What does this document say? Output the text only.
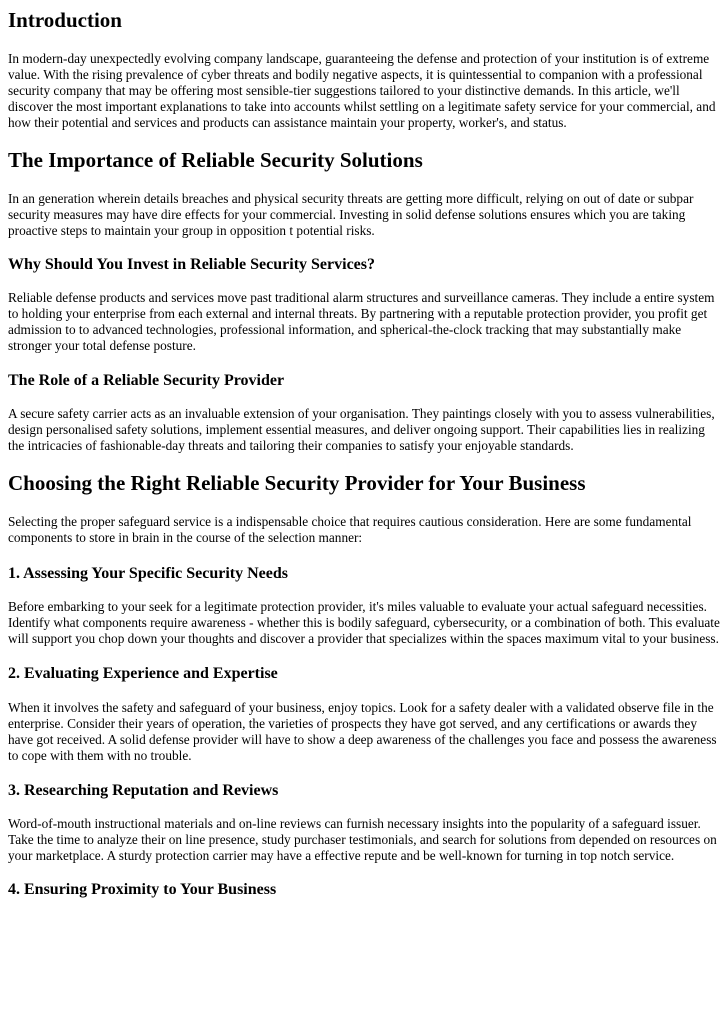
Introduction

In modern-day unexpectedly evolving company landscape, guaranteeing the defense and protection of your institution is of extreme value. With the rising prevalence of cyber threats and bodily negative aspects, it is quintessential to companion with a professional security company that may be offering most sensible-tier suggestions tailored to your distinctive demands. In this article, we'll discover the most important explanations to take into accounts whilst settling on a legitimate safety service for your commercial, and how their potential and services and products can assistance maintain your property, worker's, and status.

The Importance of Reliable Security Solutions

In an generation wherein details breaches and physical security threats are getting more difficult, relying on out of date or subpar security measures may have dire effects for your commercial. Investing in solid defense solutions ensures which you are taking proactive steps to maintain your group in opposition t potential risks.

Why Should You Invest in Reliable Security Services?

Reliable defense products and services move past traditional alarm structures and surveillance cameras. They include a entire system to holding your enterprise from each external and internal threats. By partnering with a reputable protection provider, you profit get admission to to advanced technologies, professional information, and spherical-the-clock tracking that may substantially make stronger your total defense posture.

The Role of a Reliable Security Provider

A secure safety carrier acts as an invaluable extension of your organisation. They paintings closely with you to assess vulnerabilities, design personalised safety solutions, implement essential measures, and deliver ongoing support. Their capabilities lies in realizing the intricacies of fashionable-day threats and tailoring their companies to satisfy your enjoyable standards.

Choosing the Right Reliable Security Provider for Your Business

Selecting the proper safeguard service is a indispensable choice that requires cautious consideration. Here are some fundamental components to store in brain in the course of the selection manner:

1. Assessing Your Specific Security Needs

Before embarking to your seek for a legitimate protection provider, it's miles valuable to evaluate your actual safeguard necessities. Identify what components require awareness - whether this is bodily safeguard, cybersecurity, or a combination of both. This evaluate will support you chop down your thoughts and discover a provider that specializes within the spaces maximum vital to your business.

2. Evaluating Experience and Expertise

When it involves the safety and safeguard of your business, enjoy topics. Look for a safety dealer with a validated observe file in the enterprise. Consider their years of operation, the varieties of prospects they have got served, and any certifications or awards they have got received. A solid defense provider will have to show a deep awareness of the challenges you face and possess the awareness to cope with them with no trouble.

3. Researching Reputation and Reviews

Word-of-mouth instructional materials and on-line reviews can furnish necessary insights into the popularity of a safeguard issuer. Take the time to analyze their on line presence, study purchaser testimonials, and search for solutions from depended on resources on your marketplace. A sturdy protection carrier may have a effective repute and be well-known for turning in top notch service.

4. Ensuring Proximity to Your Business
